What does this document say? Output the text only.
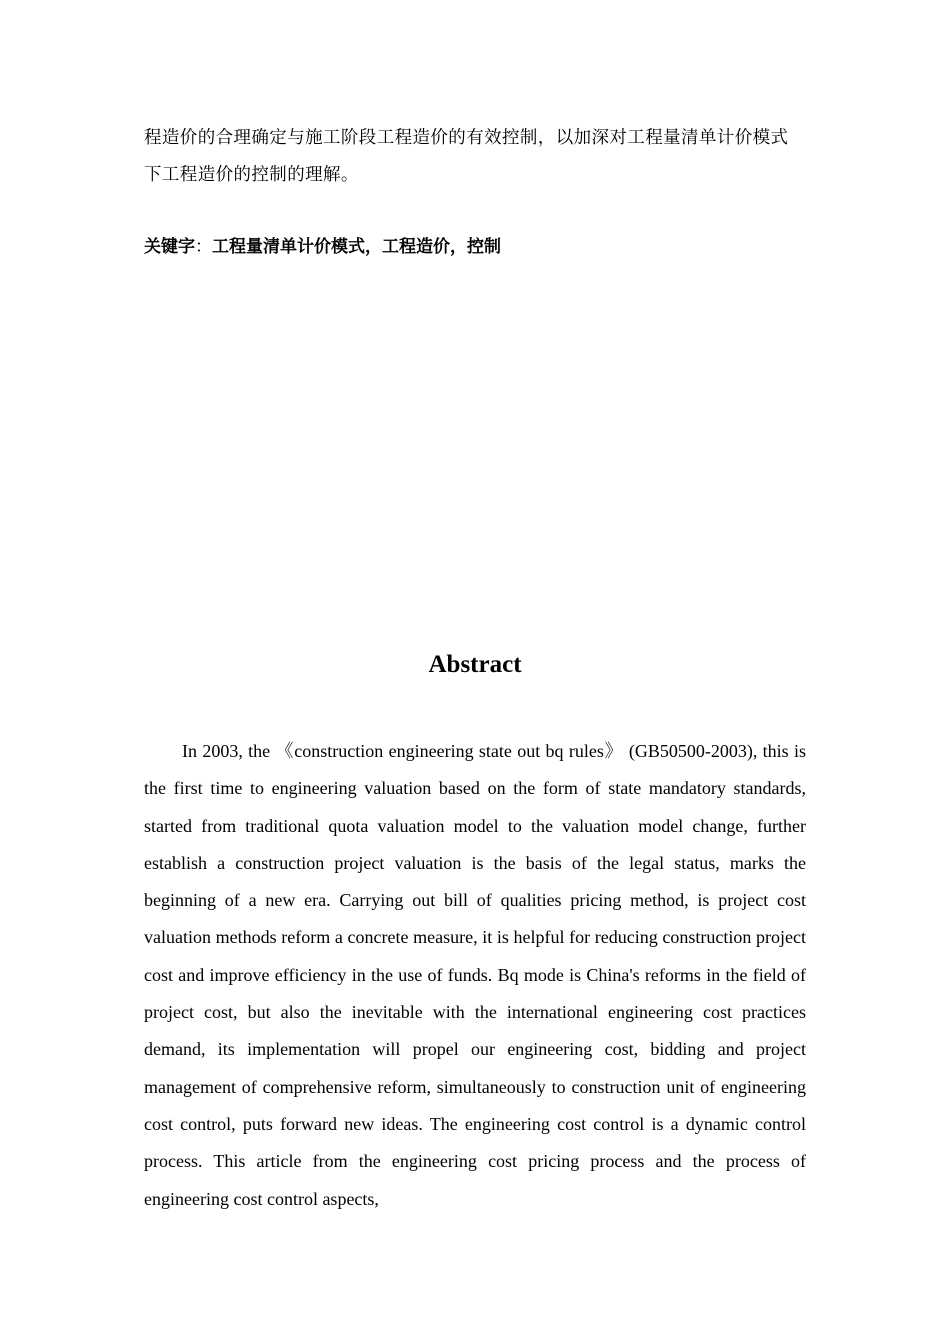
程造价的合理确定与施工阶段工程造价的有效控制，以加深对工程量清单计价模式下工程造价的控制的理解。

关键字：工程量清单计价模式，工程造价，控制

Abstract

In 2003, the 《construction engineering state out bq rules》 (GB50500-2003), this is the first time to engineering valuation based on the form of state mandatory standards, started from traditional quota valuation model to the valuation model change, further establish a construction project valuation is the basis of the legal status, marks the beginning of a new era. Carrying out bill of qualities pricing method, is project cost valuation methods reform a concrete measure, it is helpful for reducing construction project cost and improve efficiency in the use of funds. Bq mode is China's reforms in the field of project cost, but also the inevitable with the international engineering cost practices demand, its implementation will propel our engineering cost, bidding and project management of comprehensive reform, simultaneously to construction unit of engineering cost control, puts forward new ideas. The engineering cost control is a dynamic control process. This article from the engineering cost pricing process and the process of engineering cost control aspects,
